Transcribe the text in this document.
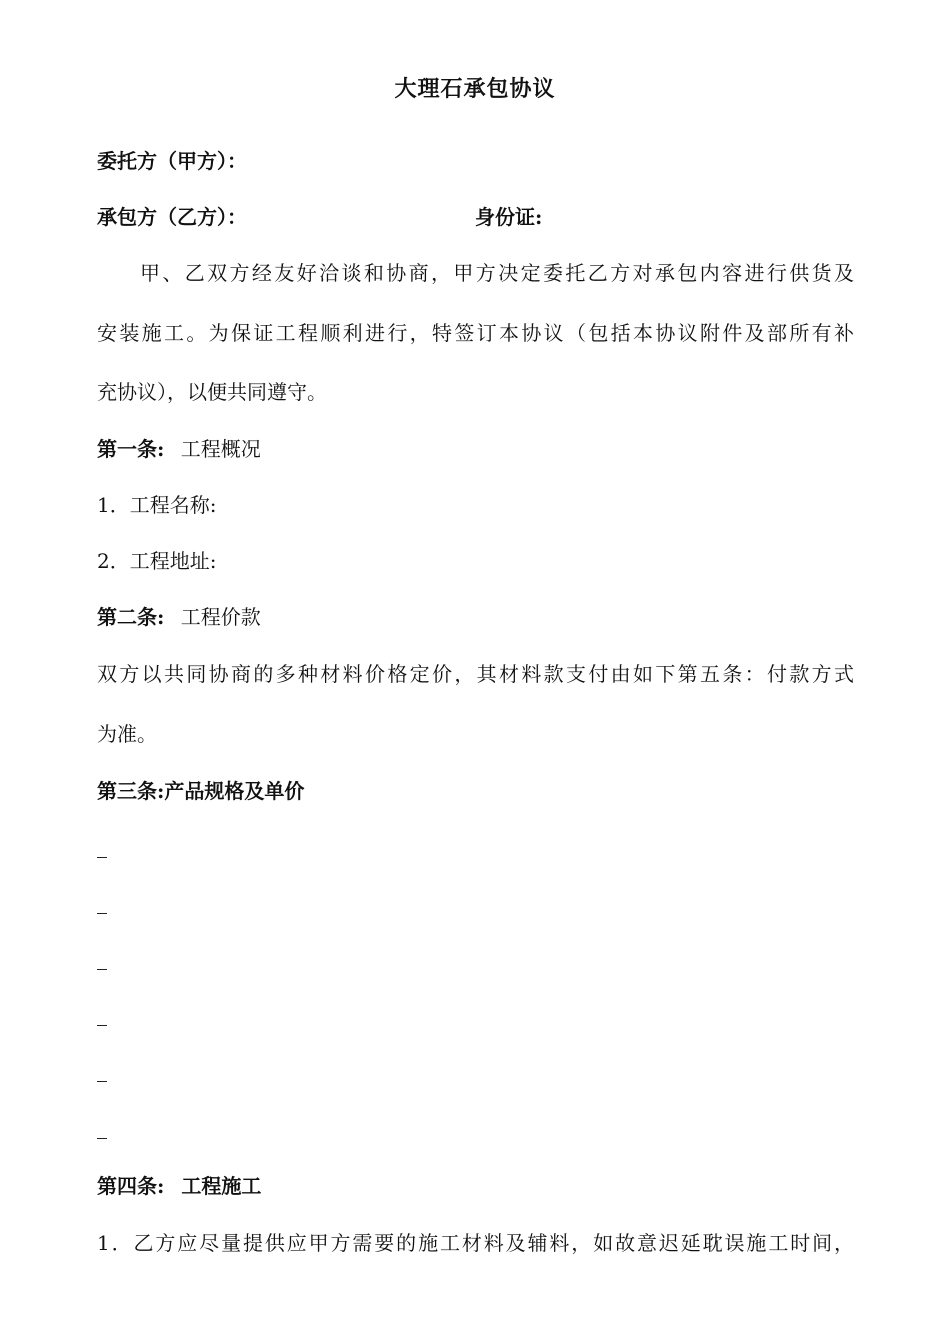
大理石承包协议
委托方（甲方）：
承包方（乙方）：	身份证:
甲、乙双方经友好洽谈和协商，甲方决定委托乙方对承包内容进行供货及
安装施工。为保证工程顺利进行，特签订本协议（包括本协议附件及部所有补
充协议），以便共同遵守。
第一条: 工程概况
1．工程名称:
2．工程地址:
第二条: 工程价款
双方以共同协商的多种材料价格定价，其材料款支付由如下第五条：付款方式
为准。
第三条:产品规格及单价
第四条: 工程施工
1．乙方应尽量提供应甲方需要的施工材料及辅料，如故意迟延耽误施工时间，
